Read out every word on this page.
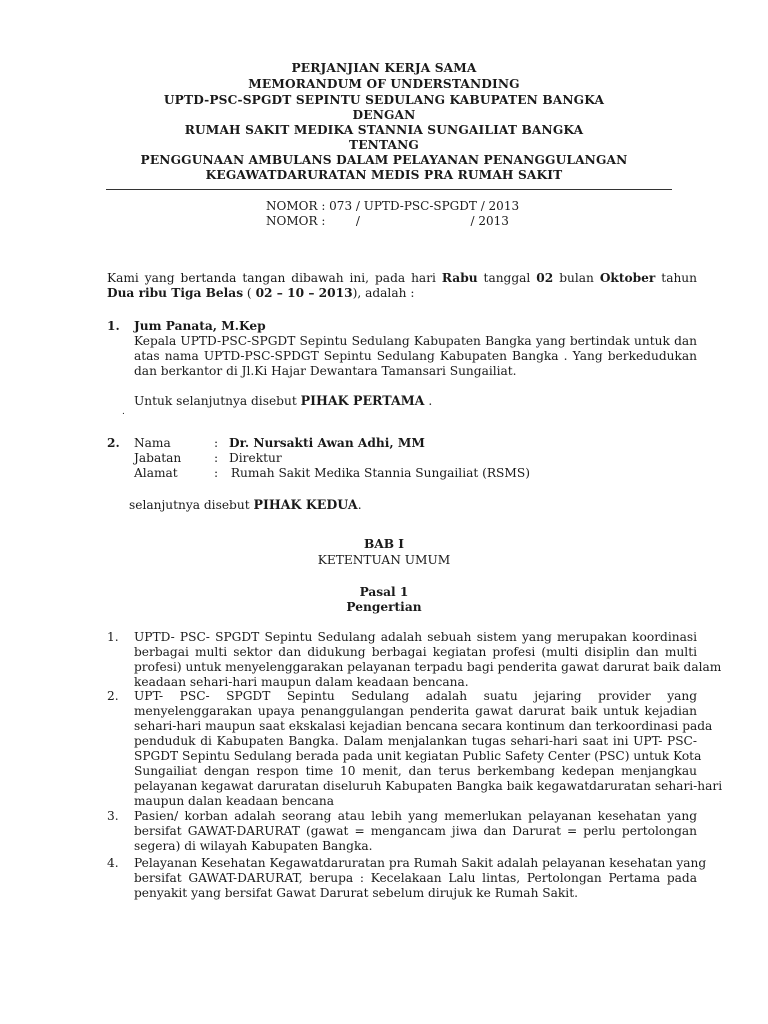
PERJANJIAN KERJA SAMA
MEMORANDUM OF UNDERSTANDING
UPTD-PSC-SPGDT SEPINTU SEDULANG KABUPATEN BANGKA
DENGAN
RUMAH SAKIT MEDIKA STANNIA SUNGAILIAT BANGKA
TENTANG
PENGGUNAAN AMBULANS DALAM PELAYANAN PENANGGULANGAN
KEGAWATDARURATAN MEDIS PRA RUMAH SAKIT
NOMOR : 073 / UPTD-PSC-SPGDT / 2013
NOMOR :        /                             / 2013
Kami yang bertanda tangan dibawah ini, pada hari Rabu tanggal 02 bulan Oktober tahun Dua ribu Tiga Belas ( 02 – 10 – 2013), adalah :
1. Jum Panata, M.Kep
Kepala UPTD-PSC-SPGDT Sepintu Sedulang Kabupaten Bangka yang bertindak untuk dan
atas nama UPTD-PSC-SPDGT Sepintu Sedulang Kabupaten Bangka . Yang berkedudukan
dan berkantor di Jl.Ki Hajar Dewantara Tamansari Sungailiat.
Untuk selanjutnya disebut PIHAK PERTAMA .
.
2. Nama	: Dr. Nursakti Awan Adhi, MM
Jabatan	: Direktur
Alamat	: Rumah Sakit Medika Stannia Sungailiat (RSMS)
selanjutnya disebut PIHAK KEDUA.
BAB I
KETENTUAN UMUM
Pasal 1
Pengertian
1. UPTD- PSC- SPGDT Sepintu Sedulang adalah sebuah sistem yang merupakan koordinasi
berbagai multi sektor dan didukung berbagai kegiatan profesi (multi disiplin dan multi
profesi) untuk menyelenggarakan pelayanan terpadu bagi penderita gawat darurat baik dalam
keadaan sehari-hari maupun dalam keadaan bencana.
2. UPT- PSC- SPGDT Sepintu Sedulang adalah suatu jejaring provider yang
menyelenggarakan upaya penanggulangan penderita gawat darurat baik untuk kejadian
sehari-hari maupun saat ekskalasi kejadian bencana secara kontinum dan terkoordinasi pada
penduduk di Kabupaten Bangka. Dalam menjalankan tugas sehari-hari saat ini UPT- PSC-
SPGDT Sepintu Sedulang berada pada unit kegiatan Public Safety Center (PSC) untuk Kota
Sungailiat dengan respon time 10 menit, dan terus berkembang kedepan menjangkau
pelayanan kegawat daruratan diseluruh Kabupaten Bangka baik kegawatdaruratan sehari-hari
maupun dalan keadaan bencana
3. Pasien/ korban adalah seorang atau lebih yang memerlukan pelayanan kesehatan yang
bersifat GAWAT-DARURAT (gawat = mengancam jiwa dan Darurat = perlu pertolongan
segera) di wilayah Kabupaten Bangka.
4. Pelayanan Kesehatan Kegawatdaruratan pra Rumah Sakit adalah pelayanan kesehatan yang
bersifat GAWAT-DARURAT, berupa : Kecelakaan Lalu lintas, Pertolongan Pertama pada
penyakit yang bersifat Gawat Darurat sebelum dirujuk ke Rumah Sakit.
